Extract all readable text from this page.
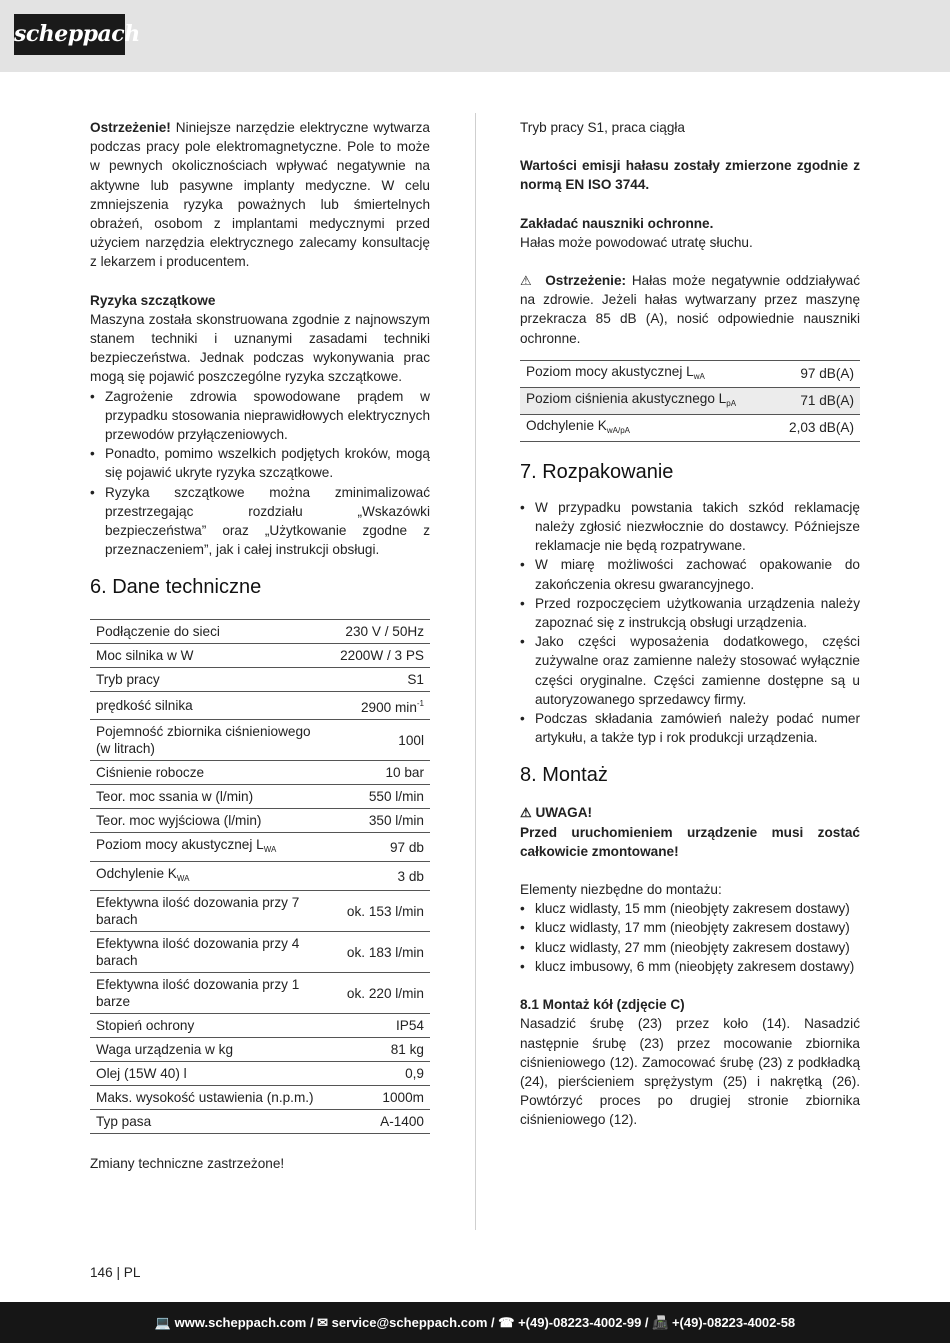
scheppach

Ostrzeżenie! Niniejsze narzędzie elektryczne wytwarza podczas pracy pole elektromagnetyczne. Pole to może w pewnych okolicznościach wpływać negatywnie na aktywne lub pasywne implanty medyczne. W celu zmniejszenia ryzyka poważnych lub śmiertelnych obrażeń, osobom z implantami medycznymi przed użyciem narzędzia elektrycznego zalecamy konsultację z lekarzem i producentem.

Ryzyka szczątkowe

Maszyna została skonstruowana zgodnie z najnowszym stanem techniki i uznanymi zasadami techniki bezpieczeństwa. Jednak podczas wykonywania prac mogą się pojawić poszczególne ryzyka szczątkowe.

• Zagrożenie zdrowia spowodowane prądem w przypadku stosowania nieprawidłowych elektrycznych przewodów przyłączeniowych.
• Ponadto, pomimo wszelkich podjętych kroków, mogą się pojawić ukryte ryzyka szczątkowe.
• Ryzyka szczątkowe można zminimalizować przestrzegając rozdziału „Wskazówki bezpieczeństwa” oraz „Użytkowanie zgodne z przeznaczeniem”, jak i całej instrukcji obsługi.
6. Dane techniczne
Podłączenie do sieci	230 V / 50Hz
Moc silnika w W	2200W / 3 PS
Tryb pracy	S1
prędkość silnika	2900 $\min^{-1}$
Pojemność zbiornika ciśnieniowego (w litrach)	100l
Ciśnienie robocze	10 bar
Teor. moc ssania w (l/min)	550 l/min
Teor. moc wyjściowa (l/min)	350 l/min
Poziom mocy akustycznej $L_{WA}$	97 db
Odchylenie $K_{WA}$	3 db
Efektywna ilość dozowania przy 7 barach	ok. 153 l/min
Efektywna ilość dozowania przy 4 barach	ok. 183 l/min
Efektywna ilość dozowania przy 1 barze	ok. 220 l/min
Stopień ochrony	IP54
Waga urządzenia w kg	81 kg
Olej (15W 40) l	0,9
Maks. wysokość ustawienia (n.p.m.)	1000m
Typ pasa	A-1400

Zmiany techniczne zastrzeżone!

Tryb pracy S1, praca ciągła

Wartości emisji hałasu zostały zmierzone zgodnie z normą EN ISO 3744.

Zakładać nauszniki ochronne.

Hałas może powodować utratę słuchu.

⚠ Ostrzeżenie: Hałas może negatywnie oddziaływać na zdrowie. Jeżeli hałas wytwarzany przez maszynę przekracza 85 dB (A), nosić odpowiednie nauszniki ochronne.

Poziom mocy akustycznej $L_{wA}$	97 dB(A)
Poziom ciśnienia akustycznego $L_{pA}$	71 dB(A)
Odchylenie $K_{wA/pA}$	2,03 dB(A)
7. Rozpakowanie
• W przypadku powstania takich szkód reklamację należy zgłosić niezwłocznie do dostawcy. Późniejsze reklamacje nie będą rozpatrywane.
• W miarę możliwości zachować opakowanie do zakończenia okresu gwarancyjnego.
• Przed rozpoczęciem użytkowania urządzenia należy zapoznać się z instrukcją obsługi urządzenia.
• Jako części wyposażenia dodatkowego, części zużywalne oraz zamienne należy stosować wyłącznie części oryginalne. Części zamienne dostępne są u autoryzowanego sprzedawcy firmy.
• Podczas składania zamówień należy podać numer artykułu, a także typ i rok produkcji urządzenia.
8. Montaż

⚠ UWAGA!

Przed uruchomieniem urządzenie musi zostać całkowicie zmontowane!

Elementy niezbędne do montażu:

• klucz widlasty, 15 mm (nieobjęty zakresem dostawy)
• klucz widlasty, 17 mm (nieobjęty zakresem dostawy)
• klucz widlasty, 27 mm (nieobjęty zakresem dostawy)
• klucz imbusowy, 6 mm (nieobjęty zakresem dostawy)

8.1 Montaż kół (zdjęcie C)

Nasadzić śrubę (23) przez koło (14). Nasadzić następnie śrubę (23) przez mocowanie zbiornika ciśnieniowego (12). Zamocować śrubę (23) z podkładką (24), pierścieniem sprężystym (25) i nakrętką (26). Powtórzyć proces po drugiej stronie zbiornika ciśnieniowego (12).

146 | PL
💻 www.scheppach.com / ✉ service@scheppach.com / ☎ +(49)-08223-4002-99 / 📠 +(49)-08223-4002-58
